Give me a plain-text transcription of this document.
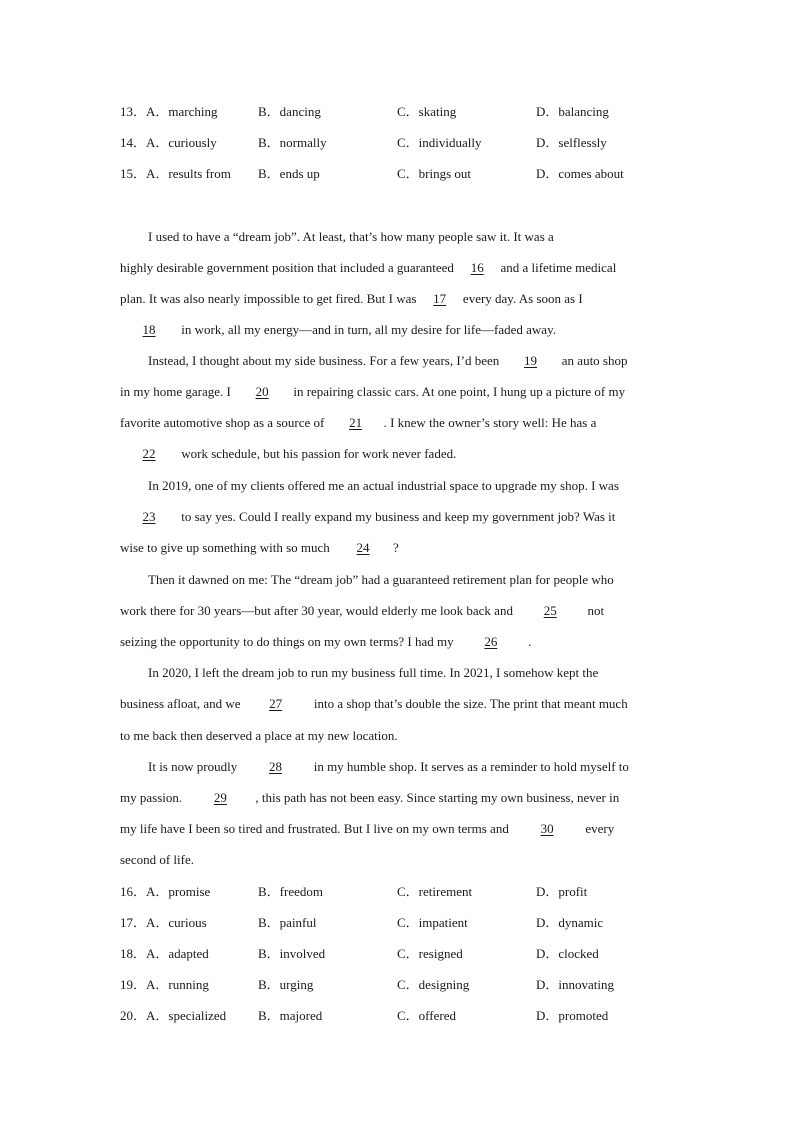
13． A．marching	B．dancing	C．skating	D．balancing
14． A．curiously	B．normally	C．individually	D．selflessly
15． A．results from B．ends up	C．brings out	D．comes about
I used to have a “dream job”. At least, that’s how many people saw it. It was a
highly desirable government position that included a guaranteed 16 and a lifetime medical
plan. It was also nearly impossible to get fired. But I was 17 every day. As soon as I
18 in work, all my energy—and in turn, all my desire for life—faded away.
Instead, I thought about my side business. For a few years, I’d been 19 an auto shop
in my home garage. I 20 in repairing classic cars. At one point, I hung up a picture of my
favorite automotive shop as a source of 21 . I knew the owner’s story well: He has a
22 work schedule, but his passion for work never faded.
In 2019, one of my clients offered me an actual industrial space to upgrade my shop. I was
23 to say yes. Could I really expand my business and keep my government job? Was it
wise to give up something with so much 24 ?
Then it dawned on me: The “dream job” had a guaranteed retirement plan for people who
work there for 30 years—but after 30 year, would elderly me look back and 25 not
seizing the opportunity to do things on my own terms? I had my 26 .
In 2020, I left the dream job to run my business full time. In 2021, I somehow kept the
business afloat, and we 27 into a shop that’s double the size. The print that meant much
to me back then deserved a place at my new location.
It is now proudly 28 in my humble shop. It serves as a reminder to hold myself to
my passion. 29 , this path has not been easy. Since starting my own business, never in
my life have I been so tired and frustrated. But I live on my own terms and 30 every
second of life.
16． A．promise	B．freedom	C．retirement	D．profit
17． A．curious	B．painful	C．impatient	D．dynamic
18． A．adapted	B．involved	C．resigned	D．clocked
19． A．running	B．urging	C．designing	D．innovating
20． A．specialized B．majored	C．offered	D．promoted
